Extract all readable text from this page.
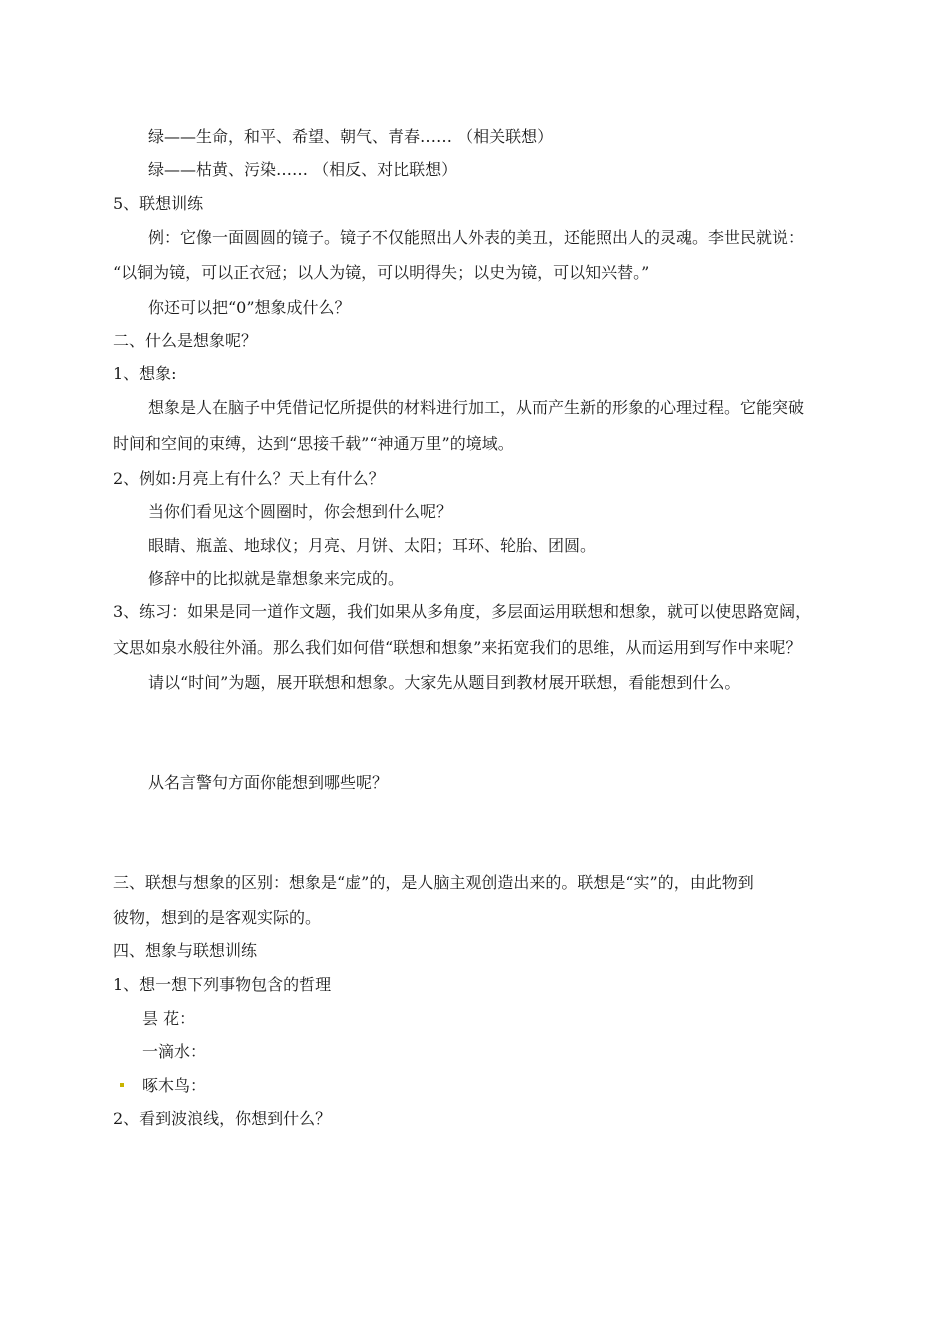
绿——生命，和平、希望、朝气、青春…… （相关联想）
绿——枯黄、污染…… （相反、对比联想）
5、联想训练
例：它像一面圆圆的镜子。镜子不仅能照出人外表的美丑，还能照出人的灵魂。李世民就说：
“以铜为镜，可以正衣冠；以人为镜，可以明得失；以史为镜，可以知兴替。”
你还可以把“0”想象成什么？
二、什么是想象呢？
1、想象:
想象是人在脑子中凭借记忆所提供的材料进行加工，从而产生新的形象的心理过程。它能突破
时间和空间的束缚，达到“思接千载”“神通万里”的境域。
2、例如:月亮上有什么？天上有什么？
当你们看见这个圆圈时，你会想到什么呢？
眼睛、瓶盖、地球仪；月亮、月饼、太阳；耳环、轮胎、团圆。
修辞中的比拟就是靠想象来完成的。
3、练习：如果是同一道作文题，我们如果从多角度，多层面运用联想和想象，就可以使思路宽阔，
文思如泉水般往外涌。那么我们如何借“联想和想象”来拓宽我们的思维，从而运用到写作中来呢？
请以“时间”为题，展开联想和想象。大家先从题目到教材展开联想，看能想到什么。
从名言警句方面你能想到哪些呢？
三、联想与想象的区别：想象是“虚”的，是人脑主观创造出来的。联想是“实”的，由此物到
彼物，想到的是客观实际的。
四、想象与联想训练
1、想一想下列事物包含的哲理
昙 花：
一滴水：
啄木鸟：
2、看到波浪线，你想到什么？
